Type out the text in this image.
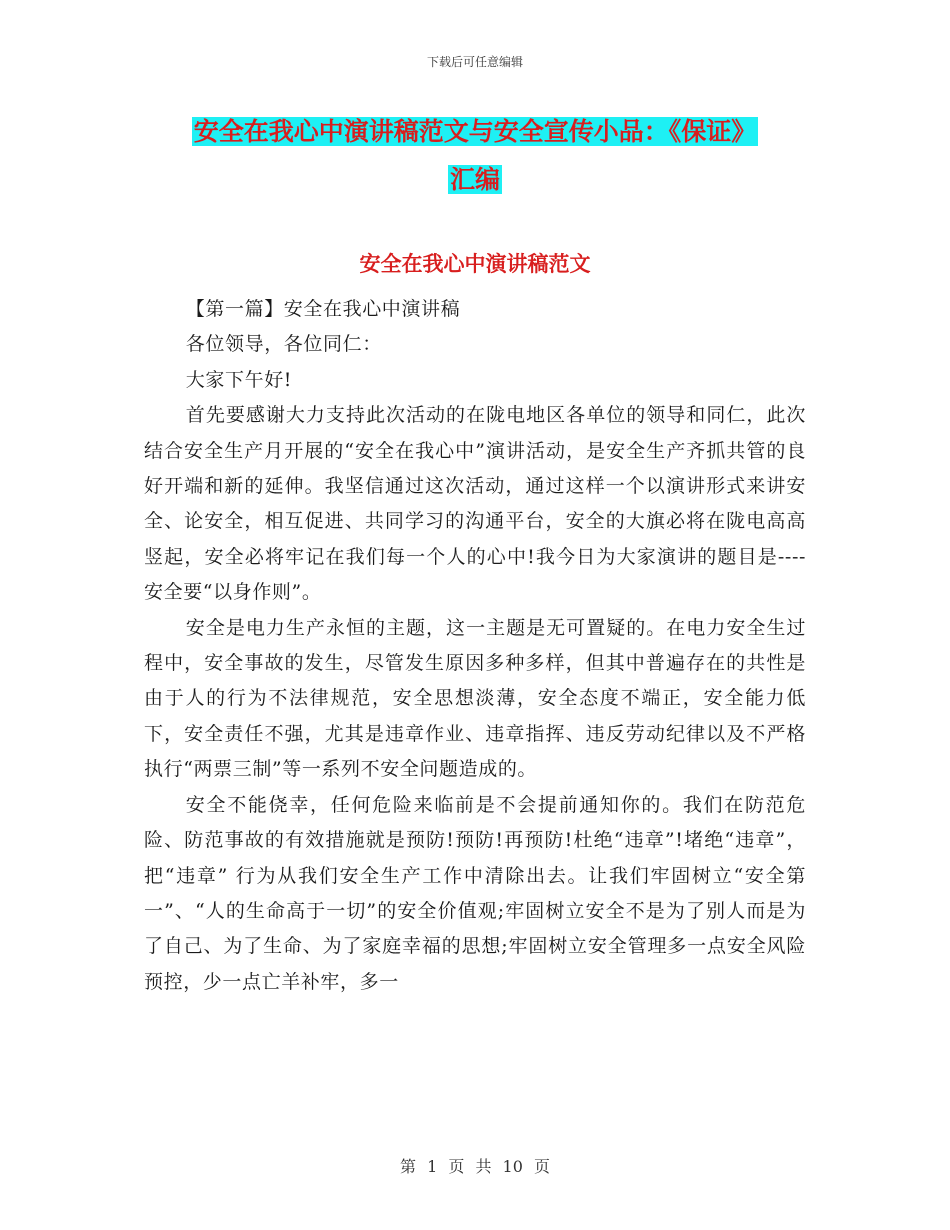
下载后可任意编辑
安全在我心中演讲稿范文与安全宣传小品：《保证》
汇编
安全在我心中演讲稿范文

【第一篇】安全在我心中演讲稿

各位领导，各位同仁：

大家下午好!

首先要感谢大力支持此次活动的在陇电地区各单位的领导和同仁，此次结合安全生产月开展的“安全在我心中”演讲活动，是安全生产齐抓共管的良好开端和新的延伸。我坚信通过这次活动，通过这样一个以演讲形式来讲安全、论安全，相互促进、共同学习的沟通平台，安全的大旗必将在陇电高高竖起，安全必将牢记在我们每一个人的心中!我今日为大家演讲的题目是----安全要“以身作则”。

安全是电力生产永恒的主题，这一主题是无可置疑的。在电力安全生过程中，安全事故的发生，尽管发生原因多种多样，但其中普遍存在的共性是由于人的行为不法律规范，安全思想淡薄，安全态度不端正，安全能力低下，安全责任不强，尤其是违章作业、违章指挥、违反劳动纪律以及不严格执行“两票三制”等一系列不安全问题造成的。

安全不能侥幸，任何危险来临前是不会提前通知你的。我们在防范危险、防范事故的有效措施就是预防!预防!再预防!杜绝“违章”!堵绝“违章”，把“违章” 行为从我们安全生产工作中清除出去。让我们牢固树立“安全第一”、“人的生命高于一切”的安全价值观;牢固树立安全不是为了别人而是为了自己、为了生命、为了家庭幸福的思想;牢固树立安全管理多一点安全风险预控，少一点亡羊补牢，多一

第 1 页 共 10 页
